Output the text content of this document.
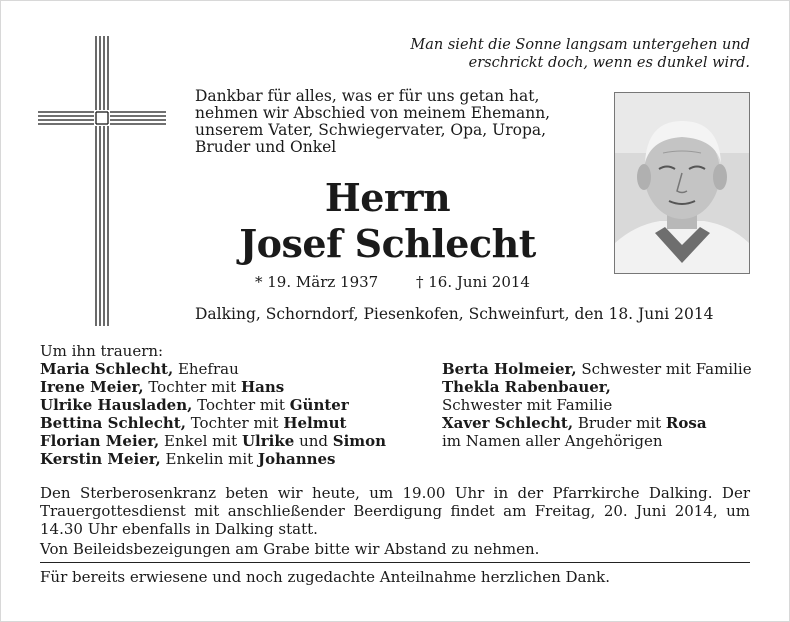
Man sieht die Sonne langsam untergehen und
erschrickt doch, wenn es dunkel wird.
Dankbar für alles, was er für uns getan hat,
nehmen wir Abschied von meinem Ehemann,
unserem Vater, Schwiegervater, Opa, Uropa,
Bruder und Onkel
Herrn
Josef Schlecht
* 19. März 1937	† 16. Juni 2014
Dalking, Schorndorf, Piesenkofen, Schweinfurt, den 18. Juni 2014
Um ihn trauern:
Maria Schlecht, Ehefrau
Irene Meier, Tochter mit Hans
Ulrike Hausladen, Tochter mit Günter
Bettina Schlecht, Tochter mit Helmut
Florian Meier, Enkel mit Ulrike und Simon
Kerstin Meier, Enkelin mit Johannes
Berta Holmeier, Schwester mit Familie
Thekla Rabenbauer,
Schwester mit Familie
Xaver Schlecht, Bruder mit Rosa
im Namen aller Angehörigen
Den Sterberosenkranz beten wir heute, um 19.00 Uhr in der Pfarrkirche Dalking. Der Trauergottesdienst mit anschließender Beerdigung findet am Freitag, 20. Juni 2014, um 14.30 Uhr ebenfalls in Dalking statt.
Von Beileidsbezeigungen am Grabe bitte wir Abstand zu nehmen.
Für bereits erwiesene und noch zugedachte Anteilnahme herzlichen Dank.
